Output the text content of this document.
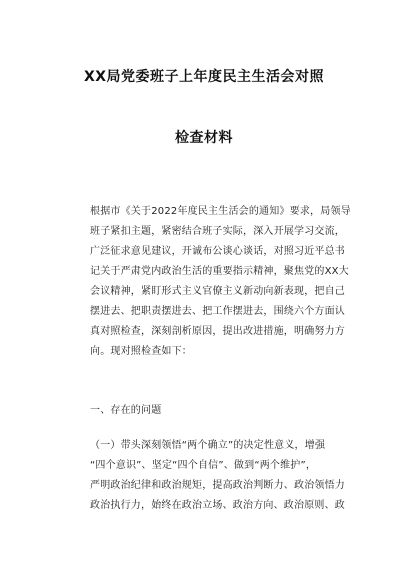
XX局党委班子上年度民主生活会对照
检查材料
根据市《关于2022年度民主生活会的通知》要求，局领导
班子紧扣主题，紧密结合班子实际，深入开展学习交流，
广泛征求意见建议，开诚布公谈心谈话，对照习近平总书
记关于严肃党内政治生活的重要指示精神，聚焦党的XX大
会议精神，紧盯形式主义官僚主义新动向新表现，把自己
摆进去、把职责摆进去、把工作摆进去，围绕六个方面认
真对照检查，深刻剖析原因，提出改进措施，明确努力方
向。现对照检查如下：
一、存在的问题
（一）带头深刻领悟“两个确立”的决定性意义，增强
“四个意识”、坚定“四个自信”、做到“两个维护”，
严明政治纪律和政治规矩，提高政治判断力、政治领悟力
政治执行力，始终在政治立场、政治方向、政治原则、政
